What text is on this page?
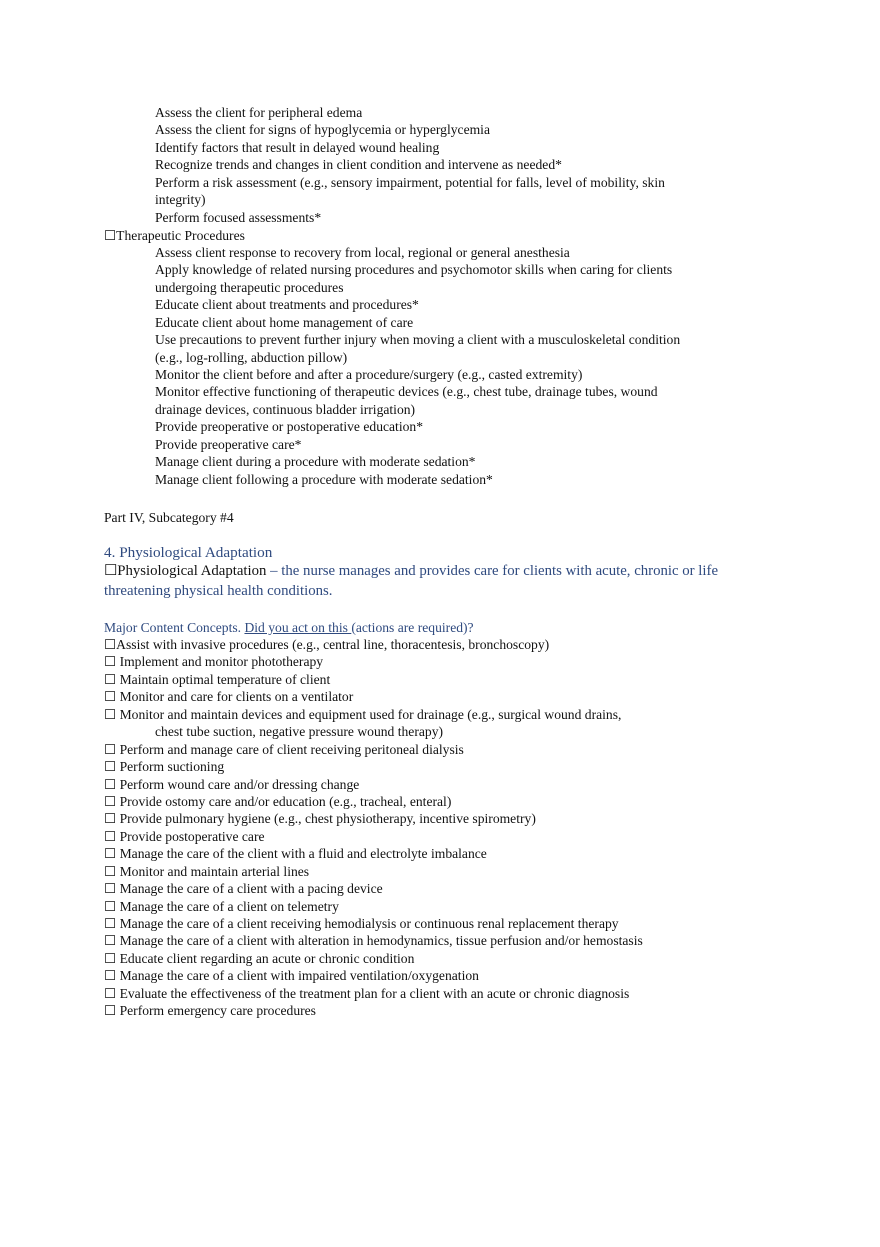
Assess the client for peripheral edema
Assess the client for signs of hypoglycemia or hyperglycemia
Identify factors that result in delayed wound healing
Recognize trends and changes in client condition and intervene as needed*
Perform a risk assessment (e.g., sensory impairment, potential for falls, level of mobility, skin
integrity)
Perform focused assessments*
☐Therapeutic Procedures
Assess client response to recovery from local, regional or general anesthesia
Apply knowledge of related nursing procedures and psychomotor skills when caring for clients
undergoing therapeutic procedures
Educate client about treatments and procedures*
Educate client about home management of care
Use precautions to prevent further injury when moving a client with a musculoskeletal condition
(e.g., log-rolling, abduction pillow)
Monitor the client before and after a procedure/surgery (e.g., casted extremity)
Monitor effective functioning of therapeutic devices (e.g., chest tube, drainage tubes, wound
drainage devices, continuous bladder irrigation)
Provide preoperative or postoperative education*
Provide preoperative care*
Manage client during a procedure with moderate sedation*
Manage client following a procedure with moderate sedation*
Part IV, Subcategory #4
4. Physiological Adaptation
☐Physiological Adaptation – the nurse manages and provides care for clients with acute, chronic or life
threatening physical health conditions.
Major Content Concepts. Did you act on this (actions are required)?
☐Assist with invasive procedures (e.g., central line, thoracentesis, bronchoscopy)
☐ Implement and monitor phototherapy
☐ Maintain optimal temperature of client
☐ Monitor and care for clients on a ventilator
☐ Monitor and maintain devices and equipment used for drainage (e.g., surgical wound drains,
chest tube suction, negative pressure wound therapy)
☐ Perform and manage care of client receiving peritoneal dialysis
☐ Perform suctioning
☐ Perform wound care and/or dressing change
☐ Provide ostomy care and/or education (e.g., tracheal, enteral)
☐ Provide pulmonary hygiene (e.g., chest physiotherapy, incentive spirometry)
☐ Provide postoperative care
☐ Manage the care of the client with a fluid and electrolyte imbalance
☐ Monitor and maintain arterial lines
☐ Manage the care of a client with a pacing device
☐ Manage the care of a client on telemetry
☐ Manage the care of a client receiving hemodialysis or continuous renal replacement therapy
☐ Manage the care of a client with alteration in hemodynamics, tissue perfusion and/or hemostasis
☐ Educate client regarding an acute or chronic condition
☐ Manage the care of a client with impaired ventilation/oxygenation
☐ Evaluate the effectiveness of the treatment plan for a client with an acute or chronic diagnosis
☐ Perform emergency care procedures
